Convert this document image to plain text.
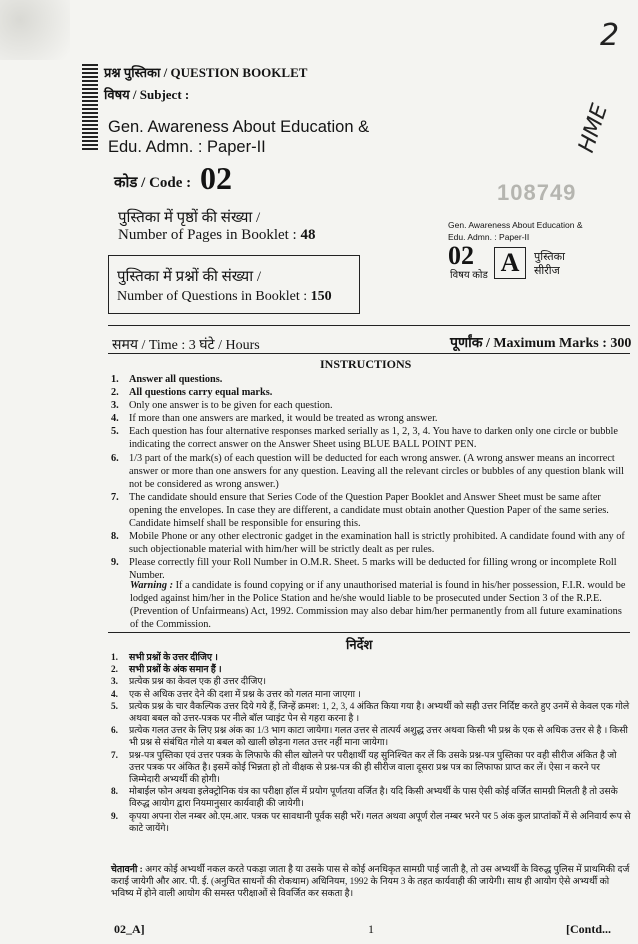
2
HME
प्रश्न पुस्तिका / QUESTION BOOKLET
विषय / Subject :
Gen. Awareness About Education &
Edu. Admn. : Paper-II
कोड / Code : 02
पुस्तिका में पृष्ठों की संख्या /
Number of Pages in Booklet : 48
पुस्तिका में प्रश्नों की संख्या /
Number of Questions in Booklet : 150
108749
Gen. Awareness About Education &
Edu. Admn. : Paper-II
02
विषय कोड A	पुस्तिका
सीरीज
समय / Time : 3 घंटे / Hours	पूर्णांक / Maximum Marks : 300
INSTRUCTIONS
1. Answer all questions.
2. All questions carry equal marks.
3. Only one answer is to be given for each question.
4. If more than one answers are marked, it would be treated as wrong answer.
5. Each question has four alternative responses marked serially as 1, 2, 3, 4. You have to darken only one circle or bubble indicating the correct answer on the Answer Sheet using BLUE BALL POINT PEN.
6. 1/3 part of the mark(s) of each question will be deducted for each wrong answer. (A wrong answer means an incorrect answer or more than one answers for any question. Leaving all the relevant circles or bubbles of any question blank will not be considered as wrong answer.)
7. The candidate should ensure that Series Code of the Question Paper Booklet and Answer Sheet must be same after opening the envelopes. In case they are different, a candidate must obtain another Question Paper of the same series. Candidate himself shall be responsible for ensuring this.
8. Mobile Phone or any other electronic gadget in the examination hall is strictly prohibited. A candidate found with any of such objectionable material with him/her will be strictly dealt as per rules.
9. Please correctly fill your Roll Number in O.M.R. Sheet. 5 marks will be deducted for filling wrong or incomplete Roll Number.
Warning : If a candidate is found copying or if any unauthorised material is found in his/her possession, F.I.R. would be lodged against him/her in the Police Station and he/she would liable to be prosecuted under Section 3 of the R.P.E. (Prevention of Unfairmeans) Act, 1992. Commission may also debar him/her permanently from all future examinations of the Commission.
निर्देश
1. सभी प्रश्नों के उत्तर दीजिए ।
2. सभी प्रश्नों के अंक समान हैं ।
3. प्रत्येक प्रश्न का केवल एक ही उत्तर दीजिए।
4. एक से अधिक उत्तर देने की दशा में प्रश्न के उत्तर को गलत माना जाएगा ।
5. प्रत्येक प्रश्न के चार वैकल्पिक उत्तर दिये गये हैं, जिन्हें क्रमश: 1, 2, 3, 4 अंकित किया गया है। अभ्यर्थी को सही उत्तर निर्दिष्ट करते हुए उनमें से केवल एक गोले अथवा बबल को उत्तर-पत्रक पर नीले बॉल प्वाइंट पेन से गहरा करना है ।
6. प्रत्येक गलत उत्तर के लिए प्रश्न अंक का 1/3 भाग काटा जायेगा। गलत उत्तर से तात्पर्य अशुद्ध उत्तर अथवा किसी भी प्रश्न के एक से अधिक उत्तर से है । किसी भी प्रश्न से संबंधित गोले या बबल को खाली छोड़ना गलत उत्तर नहीं माना जायेगा।
7. प्रश्न-पत्र पुस्तिका एवं उत्तर पत्रक के लिफाफे की सील खोलने पर परीक्षार्थी यह सुनिश्चित कर लें कि उसके प्रश्न-पत्र पुस्तिका पर वही सीरीज अंकित है जो उत्तर पत्रक पर अंकित है। इसमें कोई भिन्नता हो तो वीक्षक से प्रश्न-पत्र की ही सीरीज वाला दूसरा प्रश्न पत्र का लिफाफा प्राप्त कर लें। ऐसा न करने पर जिम्मेदारी अभ्यर्थी की होगी।
8. मोबाईल फोन अथवा इलेक्ट्रोनिक यंत्र का परीक्षा हॉल में प्रयोग पूर्णतया वर्जित है। यदि किसी अभ्यर्थी के पास ऐसी कोई वर्जित सामग्री मिलती है तो उसके विरुद्ध आयोग द्वारा नियमानुसार कार्यवाही की जायेगी।
9. कृपया अपना रोल नम्बर ओ.एम.आर. पत्रक पर सावधानी पूर्वक सही भरें। गलत अथवा अपूर्ण रोल नम्बर भरने पर 5 अंक कुल प्राप्तांकों में से अनिवार्य रूप से काटे जायेंगे।
चेतावनी : अगर कोई अभ्यर्थी नकल करते पकड़ा जाता है या उसके पास से कोई अनधिकृत सामग्री पाई जाती है, तो उस अभ्यर्थी के विरुद्ध पुलिस में प्राथमिकी दर्ज कराई जायेगी और आर. पी. ई. (अनुचित साधनों की रोकथाम) अधिनियम, 1992 के नियम 3 के तहत कार्यवाही की जायेगी। साथ ही आयोग ऐसे अभ्यर्थी को भविष्य में होने वाली आयोग की समस्त परीक्षाओं से विवर्जित कर सकता है।
02_A]	1	[Contd...
